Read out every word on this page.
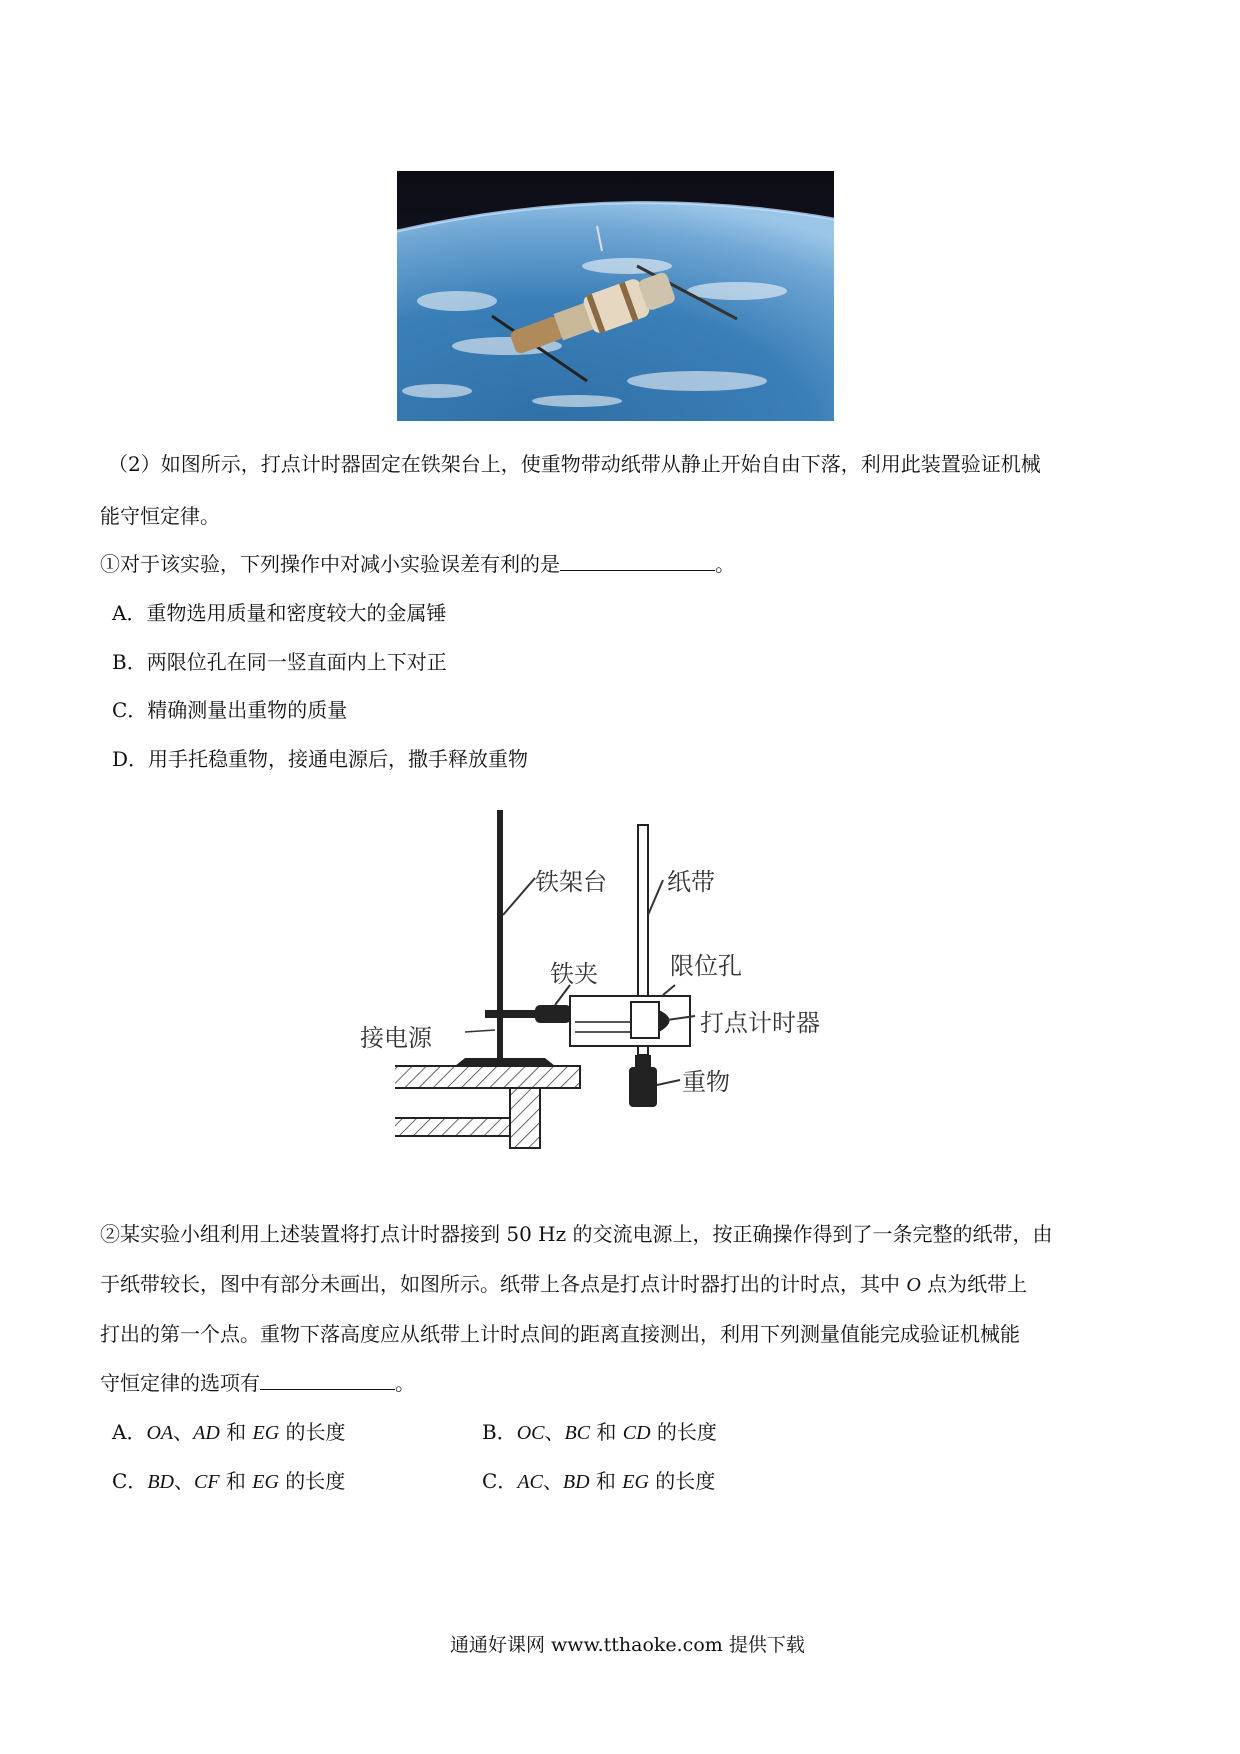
（2）如图所示，打点计时器固定在铁架台上，使重物带动纸带从静止开始自由下落，利用此装置验证机械
能守恒定律。
①对于该实验，下列操作中对减小实验误差有利的是	。
A．重物选用质量和密度较大的金属锤
B．两限位孔在同一竖直面内上下对正
C．精确测量出重物的质量
D．用手托稳重物，接通电源后，撒手释放重物
铁架台	纸带
铁夹	限位孔
接电源
打点计时器
重物
②某实验小组利用上述装置将打点计时器接到 50 Hz 的交流电源上，按正确操作得到了一条完整的纸带，由
于纸带较长，图中有部分未画出，如图所示。纸带上各点是打点计时器打出的计时点，其中 O 点为纸带上
打出的第一个点。重物下落高度应从纸带上计时点间的距离直接测出，利用下列测量值能完成验证机械能
守恒定律的选项有	。
A．OA、AD 和 EG 的长度	B．OC、BC 和 CD 的长度
C．BD、CF 和 EG 的长度	C．AC、BD 和 EG 的长度
通通好课网 www.tthaoke.com 提供下载
